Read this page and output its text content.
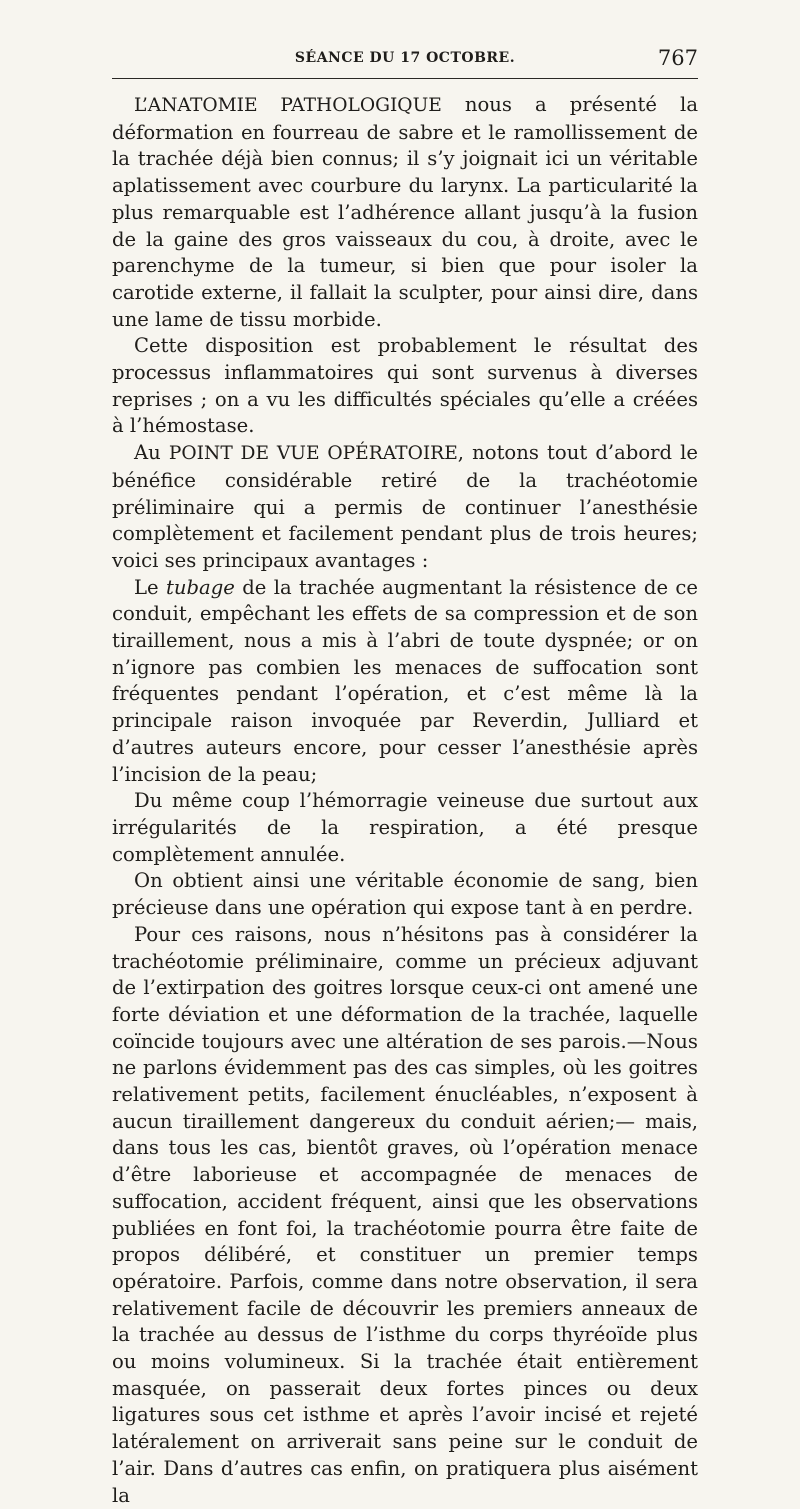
SÉANCE DU 17 OCTOBRE.	767

L’ANATOMIE PATHOLOGIQUE nous a présenté la déformation en fourreau de sabre et le ramollissement de la trachée déjà bien connus; il s’y joignait ici un véritable aplatissement avec courbure du larynx. La particularité la plus remarquable est l’adhérence allant jusqu’à la fusion de la gaine des gros vaisseaux du cou, à droite, avec le parenchyme de la tumeur, si bien que pour isoler la carotide externe, il fallait la sculpter, pour ainsi dire, dans une lame de tissu morbide.

Cette disposition est probablement le résultat des processus inflammatoires qui sont survenus à diverses reprises ; on a vu les difficultés spéciales qu’elle a créées à l’hémostase.

Au POINT DE VUE OPÉRATOIRE, notons tout d’abord le bénéfice considérable retiré de la trachéotomie préliminaire qui a permis de continuer l’anesthésie complètement et facilement pendant plus de trois heures; voici ses principaux avantages :

Le tubage de la trachée augmentant la résistence de ce conduit, empêchant les effets de sa compression et de son tiraillement, nous a mis à l’abri de toute dyspnée; or on n’ignore pas combien les menaces de suffocation sont fréquentes pendant l’opération, et c’est même là la principale raison invoquée par Reverdin, Julliard et d’autres auteurs encore, pour cesser l’anesthésie après l’incision de la peau;

Du même coup l’hémorragie veineuse due surtout aux irrégularités de la respiration, a été presque complètement annulée.

On obtient ainsi une véritable économie de sang, bien précieuse dans une opération qui expose tant à en perdre.

Pour ces raisons, nous n’hésitons pas à considérer la trachéotomie préliminaire, comme un précieux adjuvant de l’extirpation des goitres lorsque ceux-ci ont amené une forte déviation et une déformation de la trachée, laquelle coïncide toujours avec une altération de ses parois.—Nous ne parlons évidemment pas des cas simples, où les goitres relativement petits, facilement énucléables, n’exposent à aucun tiraillement dangereux du conduit aérien;— mais, dans tous les cas, bientôt graves, où l’opération menace d’être laborieuse et accompagnée de menaces de suffocation, accident fréquent, ainsi que les observations publiées en font foi, la trachéotomie pourra être faite de propos délibéré, et constituer un premier temps opératoire. Parfois, comme dans notre observation, il sera relativement facile de découvrir les premiers anneaux de la trachée au dessus de l’isthme du corps thyréoïde plus ou moins volumineux. Si la trachée était entièrement masquée, on passerait deux fortes pinces ou deux ligatures sous cet isthme et après l’avoir incisé et rejeté latéralement on arriverait sans peine sur le conduit de l’air. Dans d’autres cas enfin, on pratiquera plus aisément la
